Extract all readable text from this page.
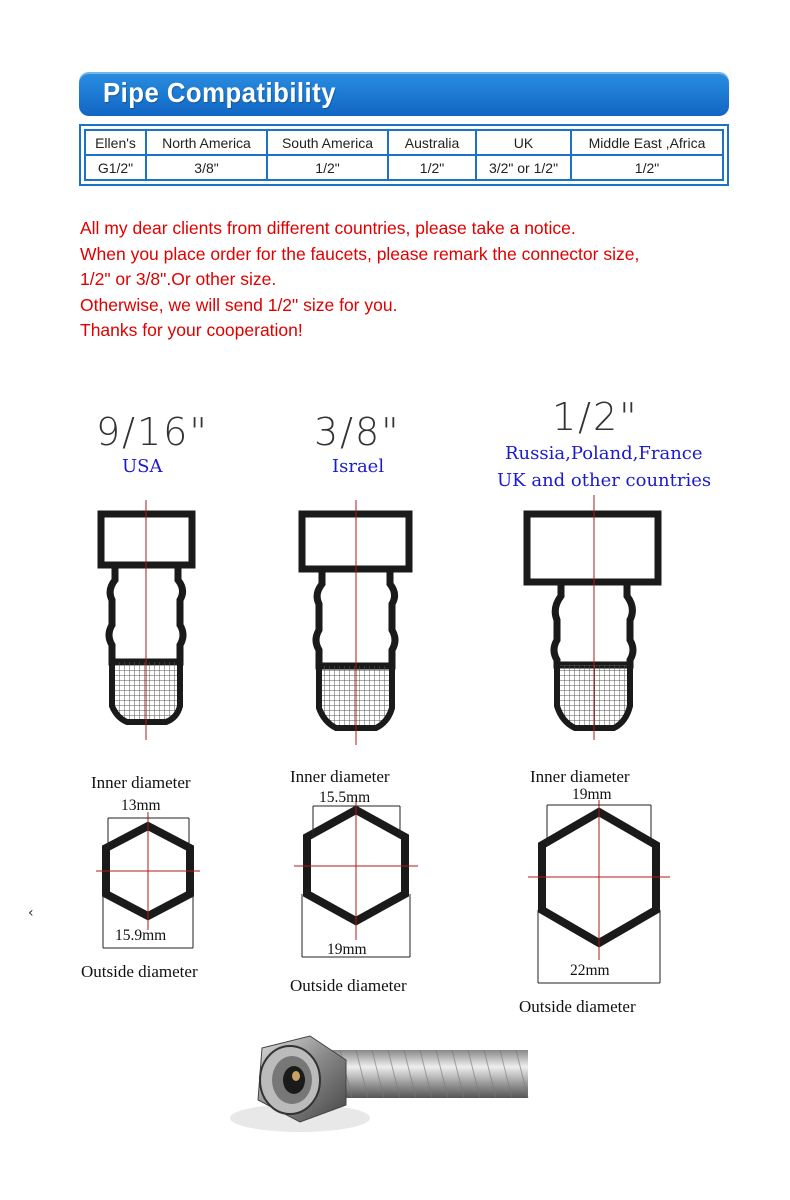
Pipe Compatibility
Ellen's	North America	South America	Australia	UK	Middle East ,Africa
G1/2"	3/8"	1/2"	1/2"	3/2" or 1/2"	1/2"
All my dear clients from different countries, please take a notice.
When you place order for the faucets, please remark the connector size,
1/2" or 3/8".Or other size.
Otherwise, we will send 1/2" size for you.
Thanks for your cooperation!
9/16"	3/8"	1/2"
USA	Israel
Russia,Poland,France
UK and other countries
Inner diameter
13mm
15.9mm
Outside diameter
Inner diameter
15.5mm
19mm
Outside diameter
Inner diameter
19mm
22mm
Outside diameter
‹
